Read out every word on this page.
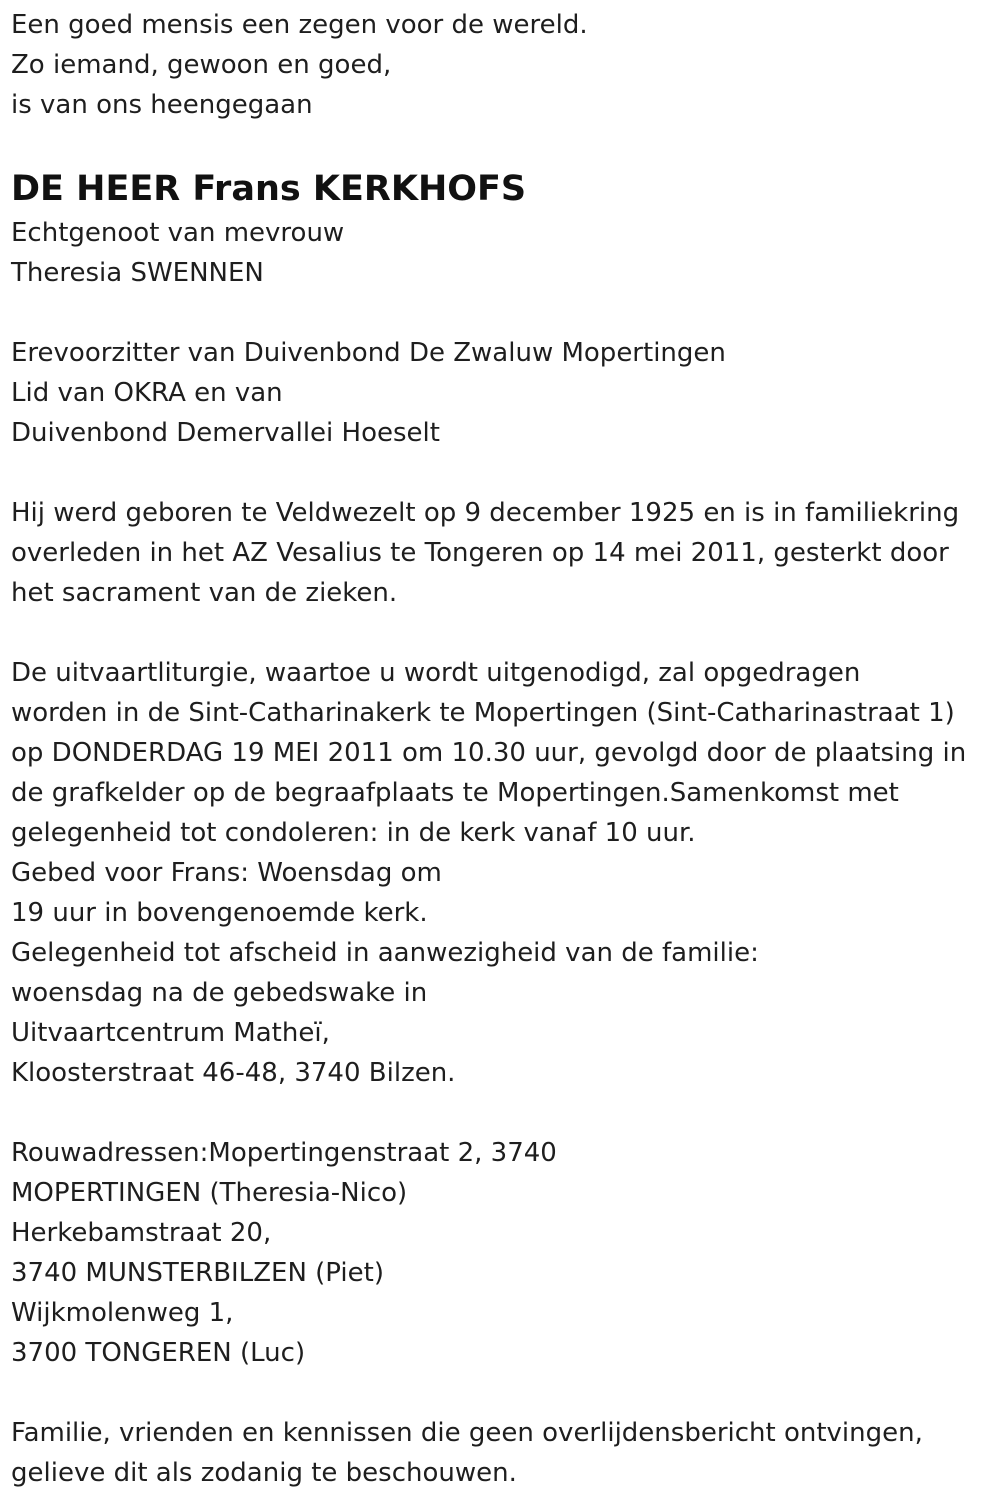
Een goed mensis een zegen voor de wereld.
Zo iemand, gewoon en goed,
is van ons heengegaan
DE HEER Frans KERKHOFS
Echtgenoot van mevrouw
Theresia SWENNEN
Erevoorzitter van Duivenbond De Zwaluw Mopertingen
Lid van OKRA en van
Duivenbond Demervallei Hoeselt
Hij werd geboren te Veldwezelt op 9 december 1925 en is in familiekring
overleden in het AZ Vesalius te Tongeren op 14 mei 2011, gesterkt door
het sacrament van de zieken.
De uitvaartliturgie, waartoe u wordt uitgenodigd, zal opgedragen
worden in de Sint-Catharinakerk te Mopertingen (Sint-Catharinastraat 1)
op DONDERDAG 19 MEI 2011 om 10.30 uur, gevolgd door de plaatsing in
de grafkelder op de begraafplaats te Mopertingen.Samenkomst met
gelegenheid tot condoleren: in de kerk vanaf 10 uur.
Gebed voor Frans: Woensdag om
19 uur in bovengenoemde kerk.
Gelegenheid tot afscheid in aanwezigheid van de familie:
woensdag na de gebedswake in
Uitvaartcentrum Matheï,
Kloosterstraat 46-48, 3740 Bilzen.
Rouwadressen:Mopertingenstraat 2, 3740
MOPERTINGEN (Theresia-Nico)
Herkebamstraat 20,
3740 MUNSTERBILZEN (Piet)
Wijkmolenweg 1,
3700 TONGEREN (Luc)
Familie, vrienden en kennissen die geen overlijdensbericht ontvingen,
gelieve dit als zodanig te beschouwen.
